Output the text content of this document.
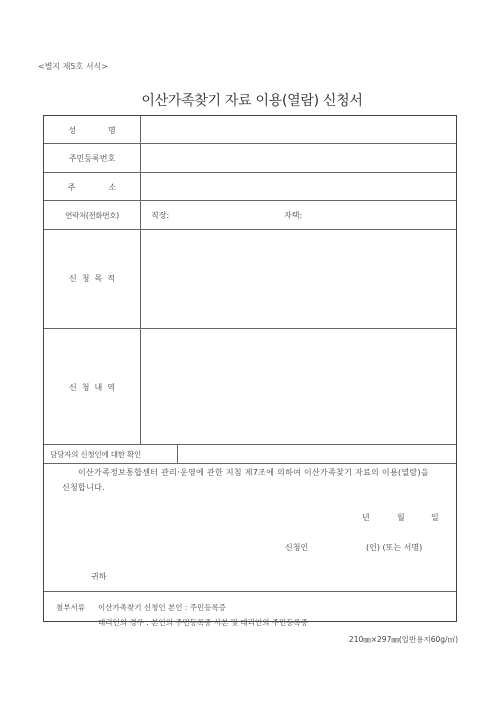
<별지 제5호 서식>
이산가족찾기 자료 이용(열람) 신청서
성명
주민등록번호
주소
연락처(전화번호)	직장:	자택:
신청목적
신청내역
담당자의 신청인에 대한 확인
이산가족정보통합센터 관리·운영에 관한 지침 제7조에 의하여 이산가족찾기 자료의 이용(열람)을 신청합니다.
년	월	일
신청인	(인) (또는 서명)
귀하
첨부서류 이산가족찾기 신청인 본인 : 주민등록증
대리인의 경우 : 본인의 주민등록증 사본 및 대리인의 주민등록증
210㎜×297㎜(일반용지60g/㎡)
